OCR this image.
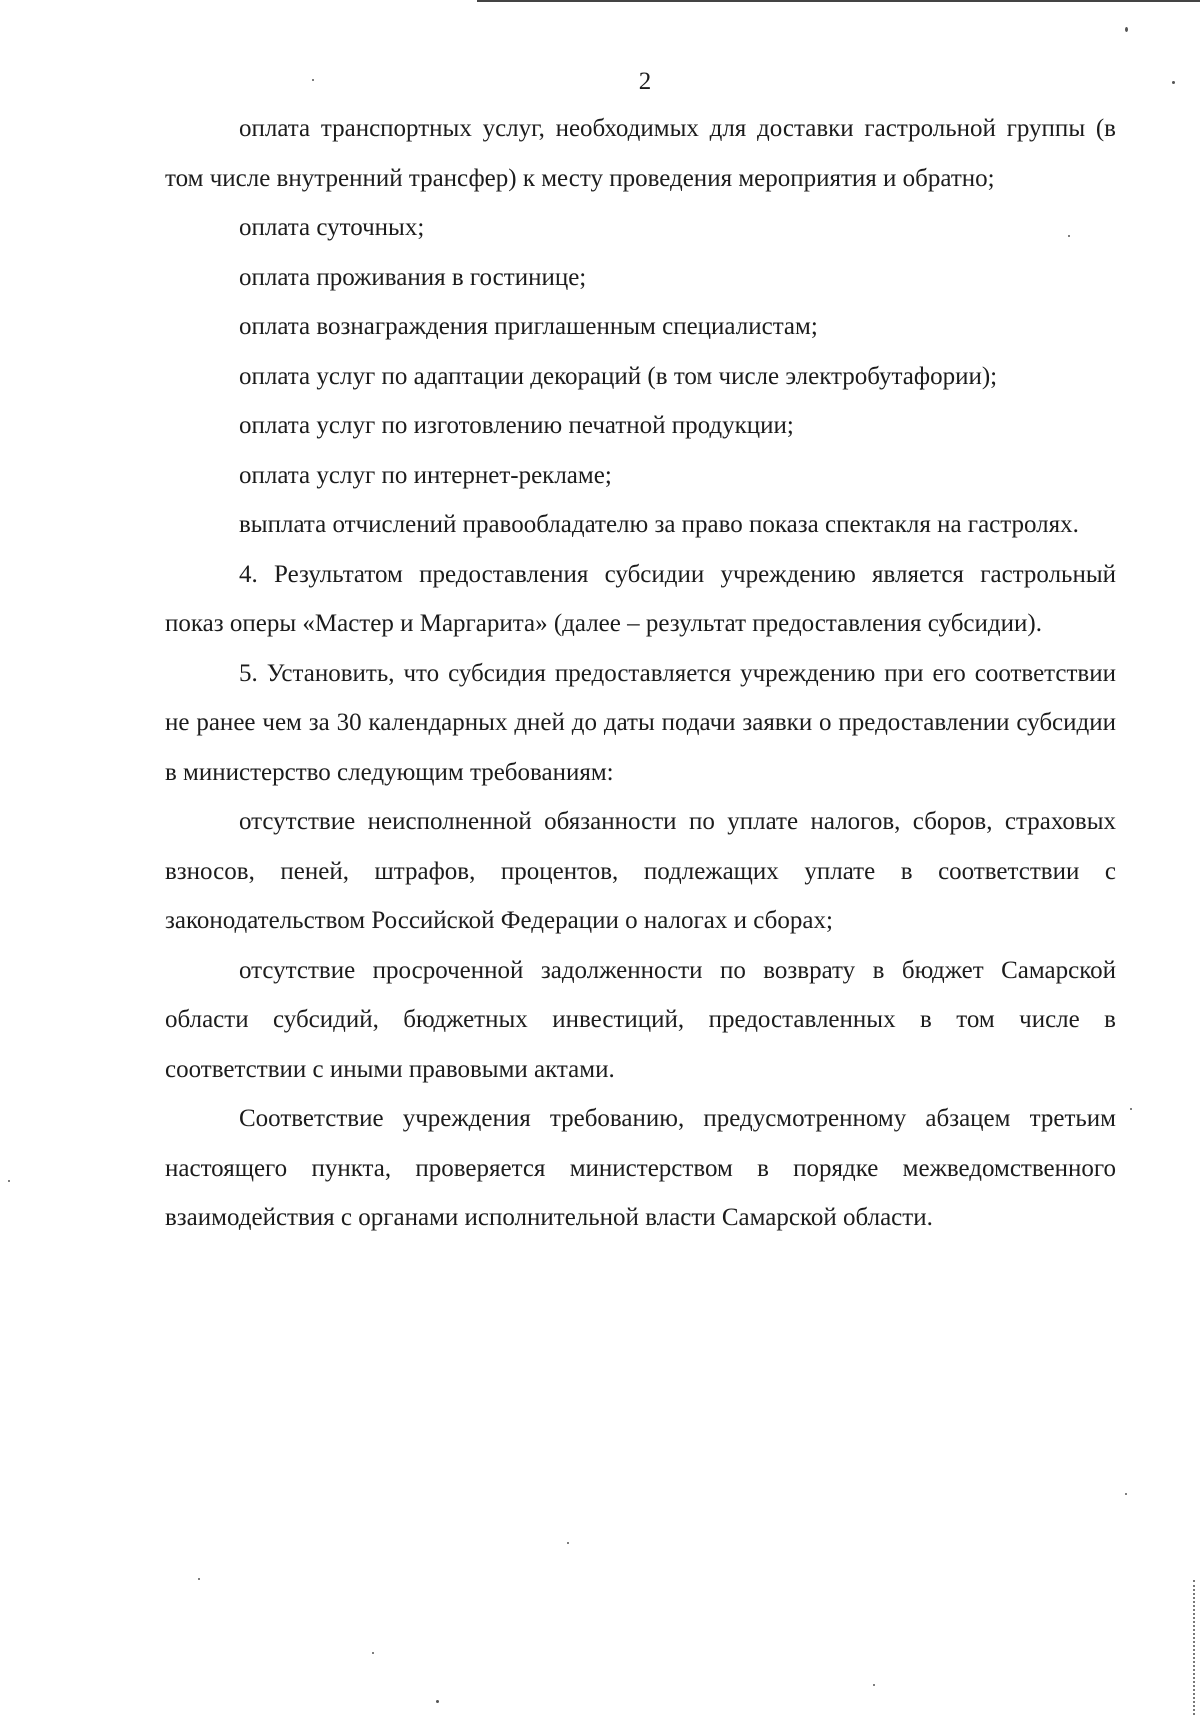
2

оплата транспортных услуг, необходимых для доставки гастрольной группы (в том числе внутренний трансфер) к месту проведения мероприятия и обратно;

оплата суточных;

оплата проживания в гостинице;

оплата вознаграждения приглашенным специалистам;

оплата услуг по адаптации декораций (в том числе электробутафории);

оплата услуг по изготовлению печатной продукции;

оплата услуг по интернет-рекламе;

выплата отчислений правообладателю за право показа спектакля на гастролях.

4. Результатом предоставления субсидии учреждению является гастрольный показ оперы «Мастер и Маргарита» (далее – результат предоставления субсидии).

5. Установить, что субсидия предоставляется учреждению при его соответствии не ранее чем за 30 календарных дней до даты подачи заявки о предоставлении субсидии в министерство следующим требованиям:

отсутствие неисполненной обязанности по уплате налогов, сборов, страховых взносов, пеней, штрафов, процентов, подлежащих уплате в соответствии с законодательством Российской Федерации о налогах и сборах;

отсутствие просроченной задолженности по возврату в бюджет Самарской области субсидий, бюджетных инвестиций, предоставленных в том числе в соответствии с иными правовыми актами.

Соответствие учреждения требованию, предусмотренному абзацем третьим настоящего пункта, проверяется министерством в порядке межведомственного взаимодействия с органами исполнительной власти Самарской области.
